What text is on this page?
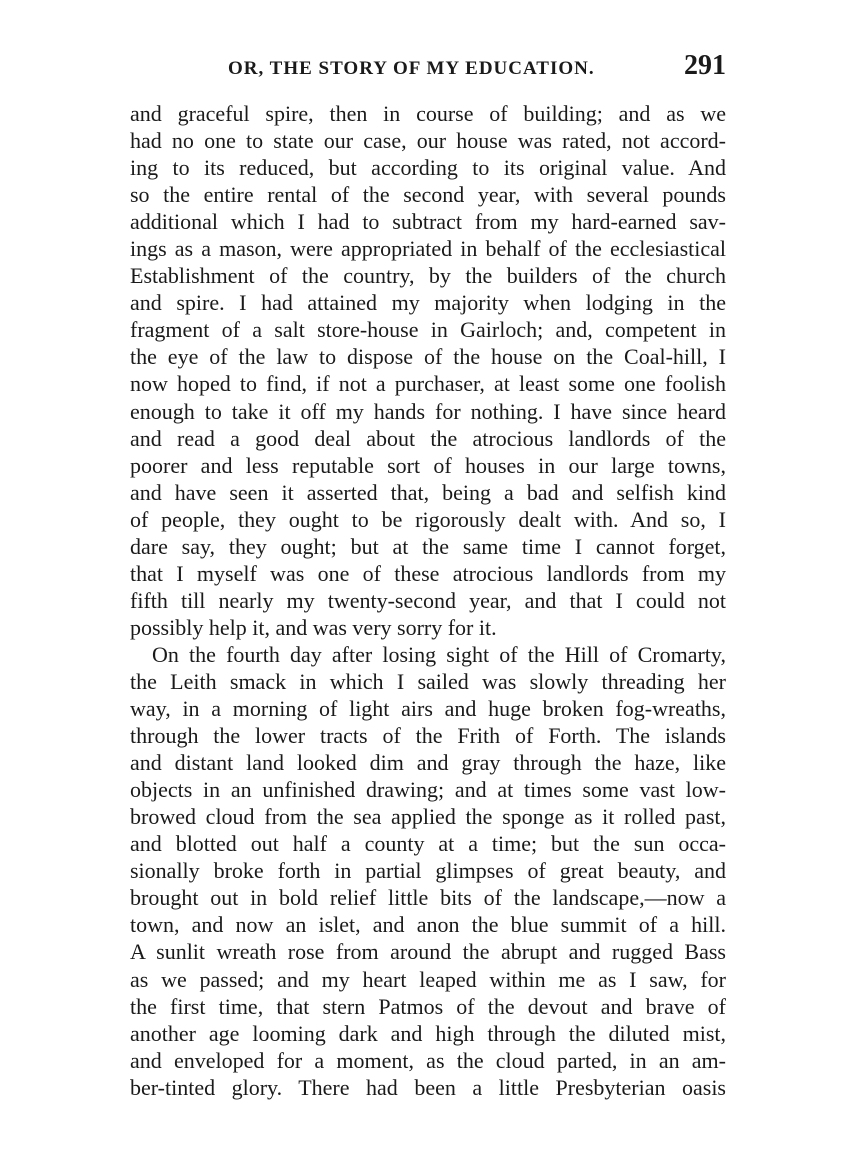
OR, THE STORY OF MY EDUCATION.	291
and graceful spire, then in course of building; and as we
had no one to state our case, our house was rated, not accord-
ing to its reduced, but according to its original value. And
so the entire rental of the second year, with several pounds
additional which I had to subtract from my hard-earned sav-
ings as a mason, were appropriated in behalf of the ecclesiastical
Establishment of the country, by the builders of the church
and spire. I had attained my majority when lodging in the
fragment of a salt store-house in Gairloch; and, competent in
the eye of the law to dispose of the house on the Coal-hill, I
now hoped to find, if not a purchaser, at least some one foolish
enough to take it off my hands for nothing. I have since heard
and read a good deal about the atrocious landlords of the
poorer and less reputable sort of houses in our large towns,
and have seen it asserted that, being a bad and selfish kind
of people, they ought to be rigorously dealt with. And so, I
dare say, they ought; but at the same time I cannot forget,
that I myself was one of these atrocious landlords from my
fifth till nearly my twenty-second year, and that I could not
possibly help it, and was very sorry for it.
On the fourth day after losing sight of the Hill of Cromarty,
the Leith smack in which I sailed was slowly threading her
way, in a morning of light airs and huge broken fog-wreaths,
through the lower tracts of the Frith of Forth. The islands
and distant land looked dim and gray through the haze, like
objects in an unfinished drawing; and at times some vast low-
browed cloud from the sea applied the sponge as it rolled past,
and blotted out half a county at a time; but the sun occa-
sionally broke forth in partial glimpses of great beauty, and
brought out in bold relief little bits of the landscape,—now a
town, and now an islet, and anon the blue summit of a hill.
A sunlit wreath rose from around the abrupt and rugged Bass
as we passed; and my heart leaped within me as I saw, for
the first time, that stern Patmos of the devout and brave of
another age looming dark and high through the diluted mist,
and enveloped for a moment, as the cloud parted, in an am-
ber-tinted glory. There had been a little Presbyterian oasis
